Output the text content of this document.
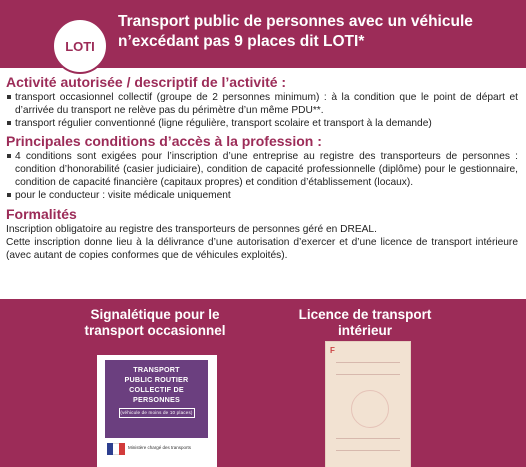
LOTI
Transport public de personnes avec un véhicule
n’excédant pas 9 places dit LOTI*
Activité autorisée / descriptif de l’activité :
transport occasionnel collectif (groupe de 2 personnes minimum) : à la condition que le point de départ et d’arrivée du transport ne relève pas du périmètre d’un même PDU**.
transport régulier conventionné (ligne régulière, transport scolaire et transport à la demande)
Principales conditions d’accès à la profession :
4 conditions sont exigées pour l’inscription d’une entreprise au registre des transporteurs de personnes : condition d’honorabilité (casier judiciaire), condition de capacité professionnelle (diplôme) pour le gestionnaire, condition de capacité financière (capitaux propres) et condition d’établissement (locaux).
pour le conducteur : visite médicale uniquement
Formalités

Inscription obligatoire au registre des transporteurs de personnes géré en DREAL.

Cette inscription donne lieu à la délivrance d’une autorisation d’exercer et d’une licence de transport intérieure (avec autant de copies conformes que de véhicules exploités).

Signalétique pour le
transport occasionnel
Licence de transport
intérieur
TRANSPORT
PUBLIC ROUTIER
COLLECTIF DE
PERSONNES
(véhicule de moins de 10 places)
Ministère chargé des transports
F
